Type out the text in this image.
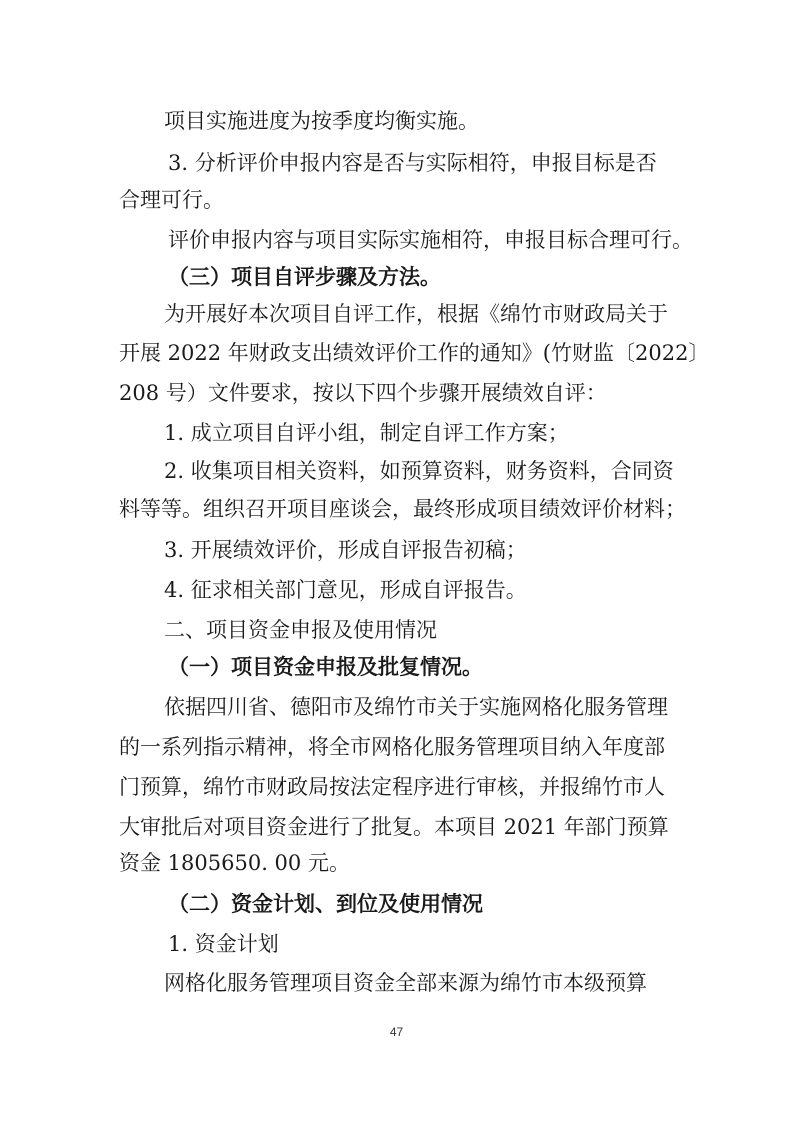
项目实施进度为按季度均衡实施。
3. 分析评价申报内容是否与实际相符，申报目标是否
合理可行。
评价申报内容与项目实际实施相符，申报目标合理可行。
（三）项目自评步骤及方法。
为开展好本次项目自评工作，根据《绵竹市财政局关于
开展 2022 年财政支出绩效评价工作的通知》(竹财监〔2022〕
208 号）文件要求，按以下四个步骤开展绩效自评：
1. 成立项目自评小组，制定自评工作方案；
2. 收集项目相关资料，如预算资料，财务资料，合同资
料等等。组织召开项目座谈会，最终形成项目绩效评价材料；
3. 开展绩效评价，形成自评报告初稿；
4. 征求相关部门意见，形成自评报告。
二、项目资金申报及使用情况
（一）项目资金申报及批复情况。
依据四川省、德阳市及绵竹市关于实施网格化服务管理
的一系列指示精神，将全市网格化服务管理项目纳入年度部
门预算，绵竹市财政局按法定程序进行审核，并报绵竹市人
大审批后对项目资金进行了批复。本项目 2021 年部门预算
资金 1805650. 00 元。
（二）资金计划、到位及使用情况
1. 资金计划
网格化服务管理项目资金全部来源为绵竹市本级预算
47
